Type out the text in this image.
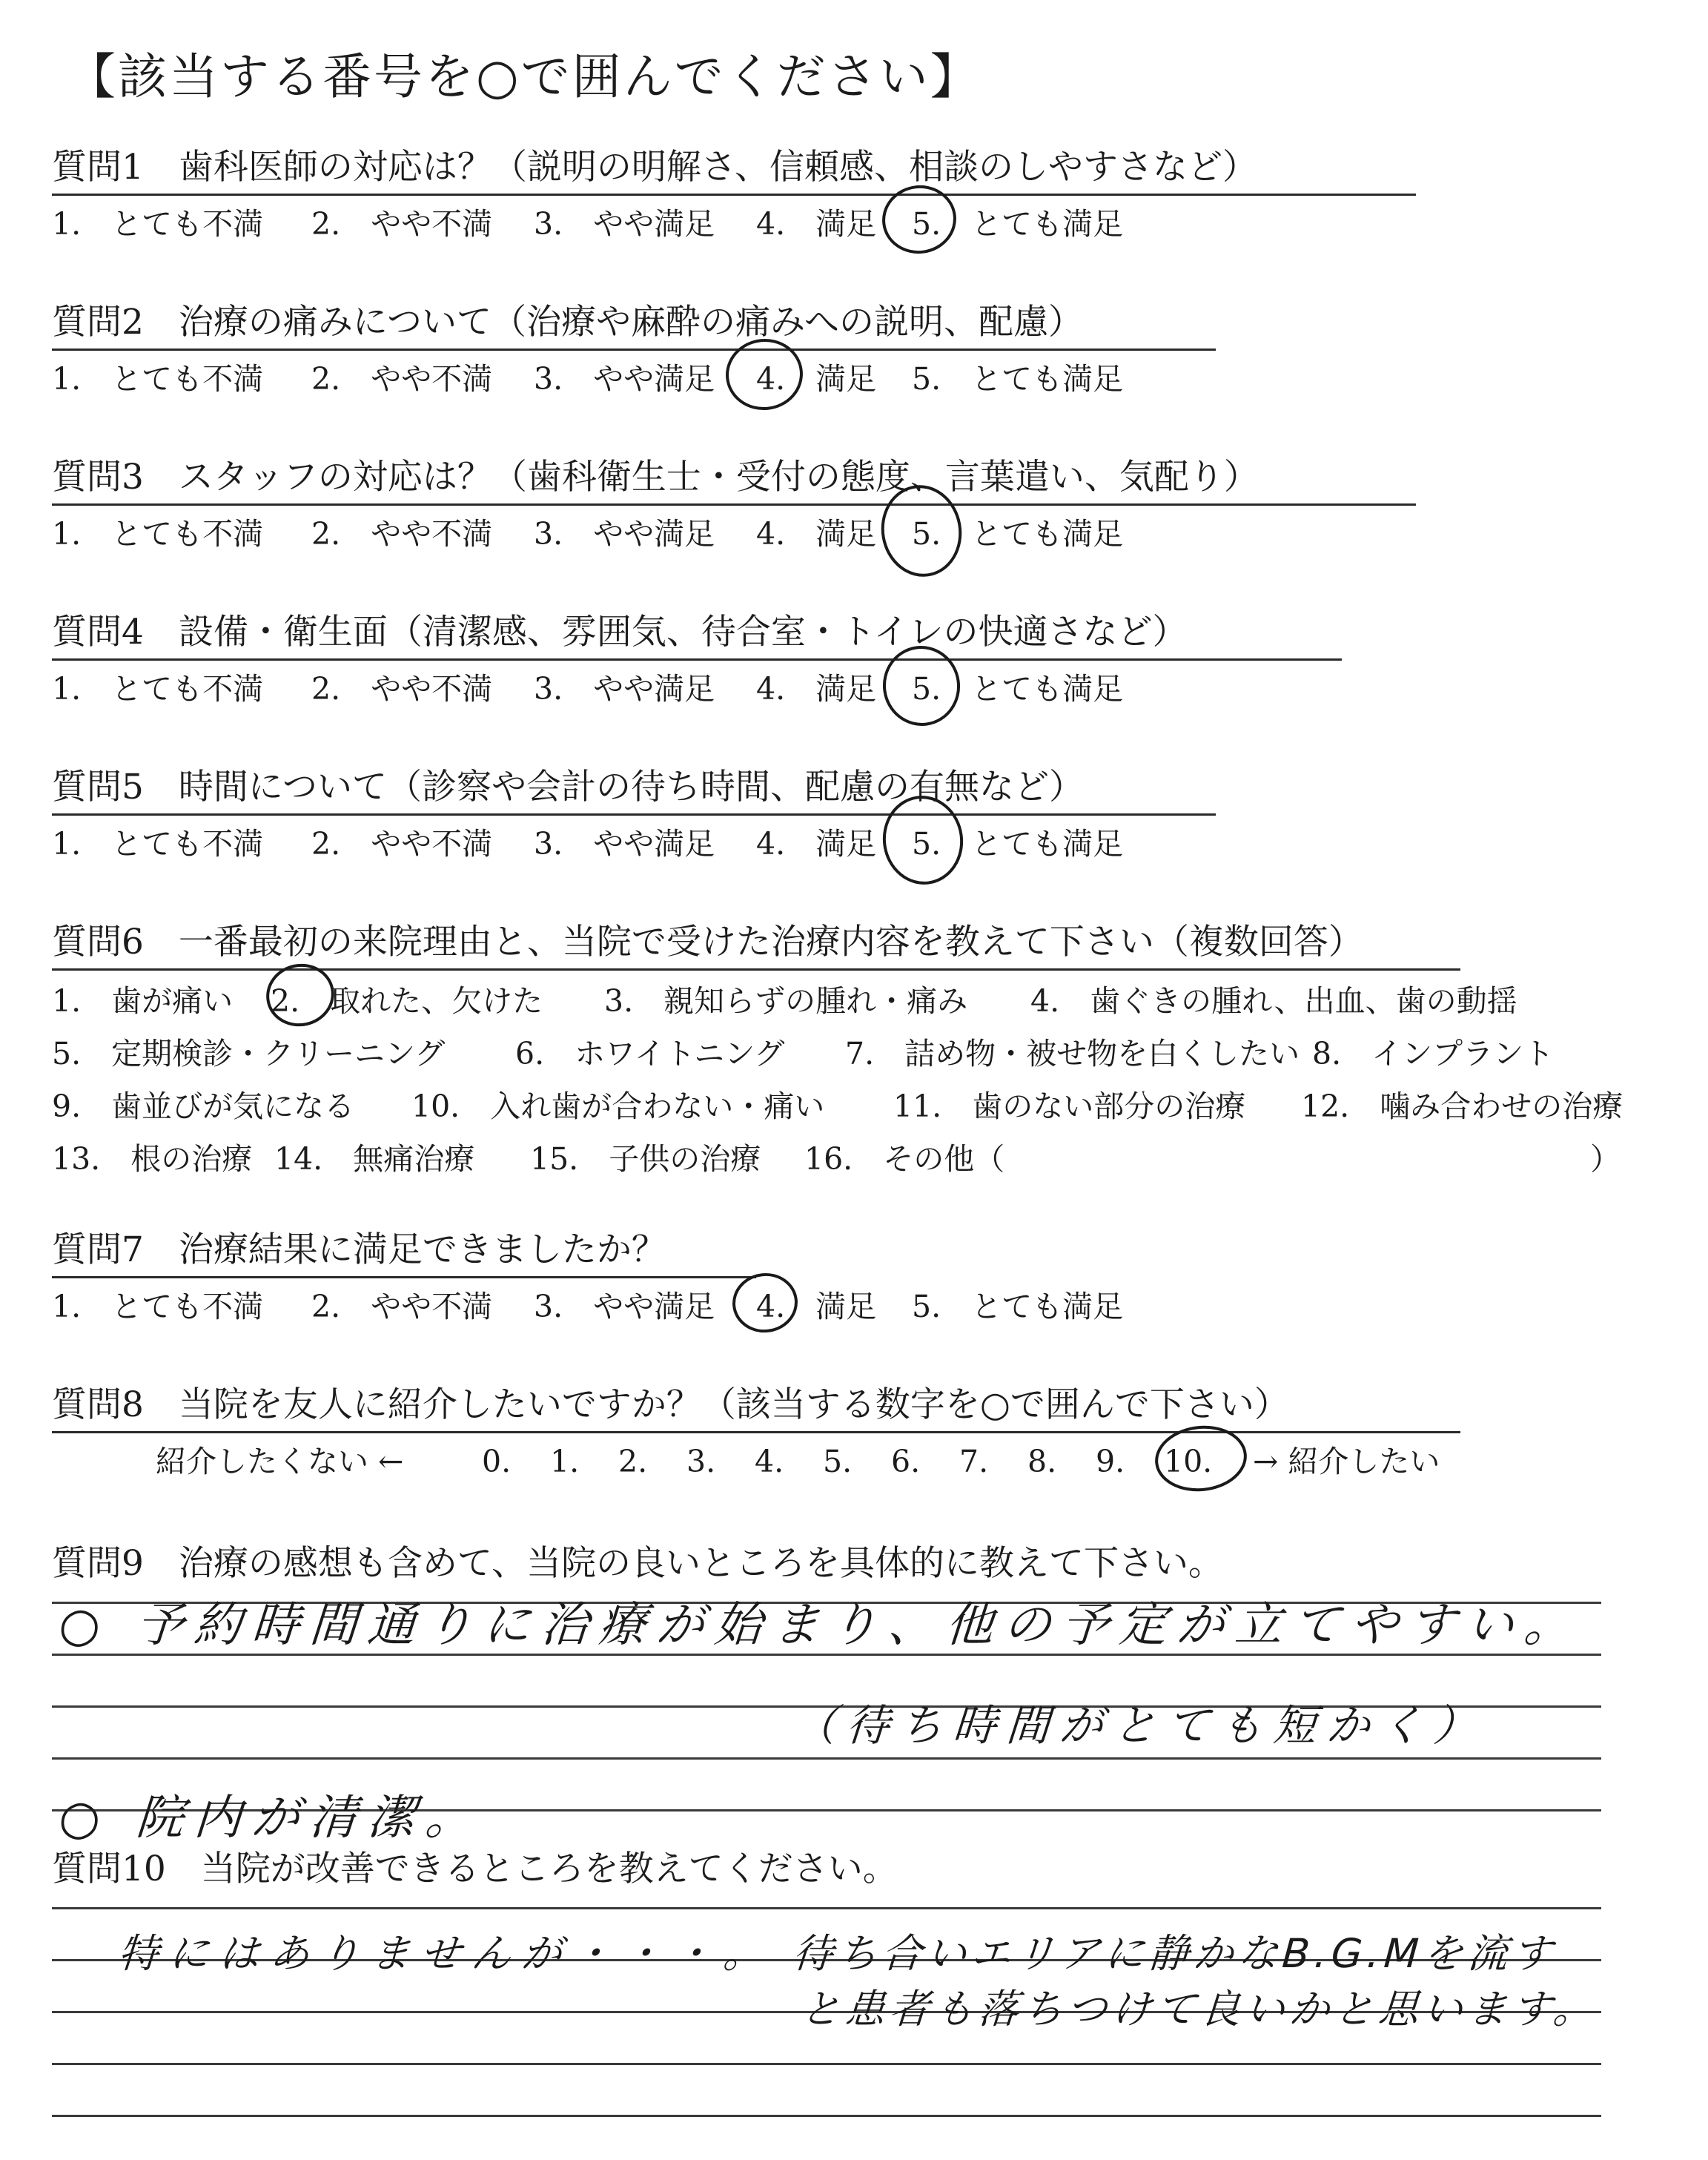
【該当する番号を○で囲んでください】
質問1　歯科医師の対応は？（説明の明解さ、信頼感、相談のしやすさなど）
1.　とても不満 2.　やや不満 3.　やや満足 4.　満足 5.　とても満足
質問2　治療の痛みについて（治療や麻酔の痛みへの説明、配慮）
1.　とても不満 2.　やや不満 3.　やや満足 4.　満足 5.　とても満足
質問3　スタッフの対応は？（歯科衛生士・受付の態度、言葉遣い、気配り）
1.　とても不満 2.　やや不満 3.　やや満足 4.　満足 5.　とても満足
質問4　設備・衛生面（清潔感、雰囲気、待合室・トイレの快適さなど）
1.　とても不満 2.　やや不満 3.　やや満足 4.　満足 5.　とても満足
質問5　時間について（診察や会計の待ち時間、配慮の有無など）
1.　とても不満 2.　やや不満 3.　やや満足 4.　満足 5.　とても満足
質問6　一番最初の来院理由と、当院で受けた治療内容を教えて下さい（複数回答）
1.　歯が痛い 2.　取れた、欠けた 3.　親知らずの腫れ・痛み 4.　歯ぐきの腫れ、出血、歯の動揺
5.　定期検診・クリーニング 6.　ホワイトニング 7.　詰め物・被せ物を白くしたい 8.　インプラント
9.　歯並びが気になる 10.　入れ歯が合わない・痛い 11.　歯のない部分の治療 12.　噛み合わせの治療
13.　根の治療 14.　無痛治療 15.　子供の治療 16.　その他（	）
質問7　治療結果に満足できましたか？
1.　とても不満 2.　やや不満 3.　やや満足 4.　満足 5.　とても満足
質問8　当院を友人に紹介したいですか？（該当する数字を○で囲んで下さい）
紹介したくない ←	0. 1. 2. 3. 4. 5. 6. 7. 8. 9. 10. → 紹介したい
質問9　治療の感想も含めて、当院の良いところを具体的に教えて下さい。
○ 予約時間通りに治療が始まり、他の予定が立てやすい。
（待ち時間がとても短かく）
○ 院内が清潔。
質問10　当院が改善できるところを教えてください。
特にはありませんが・・・。 待ち合いエリアに静かなB.G.Mを流す
と患者も落ちつけて良いかと思います。
